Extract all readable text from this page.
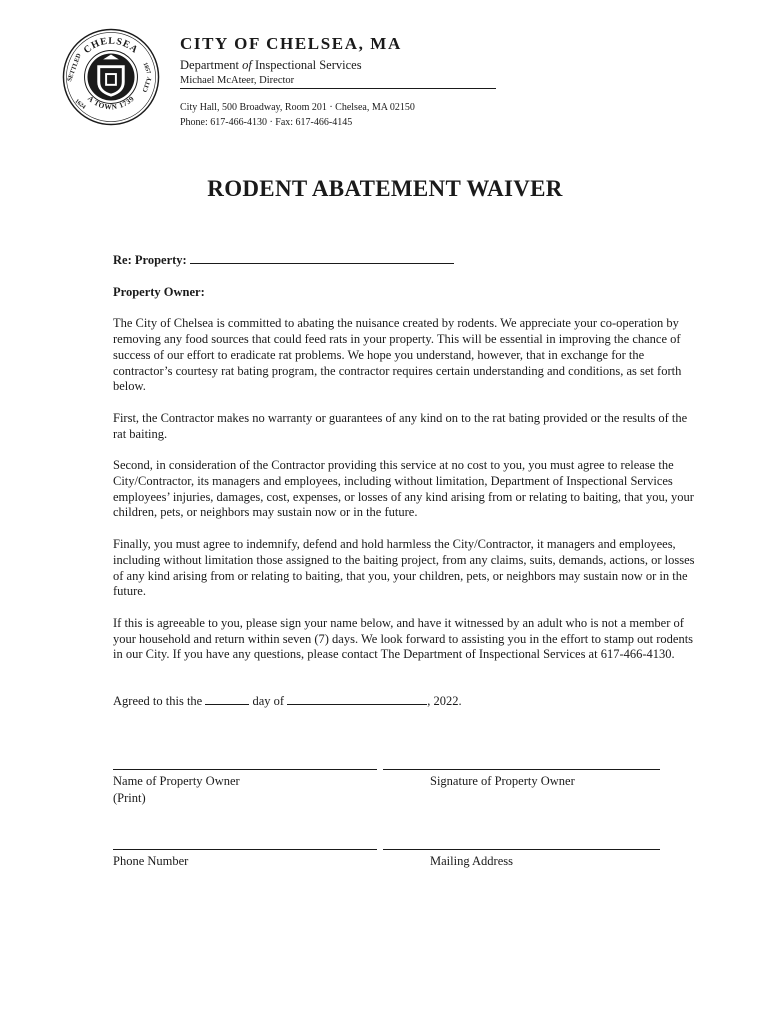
CHELSEA
A TOWN 1739
SETTLED
CITY
1624
1857
CITY OF CHELSEA, MA
Department of Inspectional Services
Michael McAteer, Director
City Hall, 500 Broadway, Room 201 · Chelsea, MA 02150
Phone: 617-466-4130 · Fax: 617-466-4145
RODENT ABATEMENT WAIVER

Re: Property:

Property Owner:

The City of Chelsea is committed to abating the nuisance created by rodents. We appreciate your co-operation by removing any food sources that could feed rats in your property. This will be essential in improving the chance of success of our effort to eradicate rat problems. We hope you understand, however, that in exchange for the contractor’s courtesy rat bating program, the contractor requires certain understanding and conditions, as set forth below.

First, the Contractor makes no warranty or guarantees of any kind on to the rat bating provided or the results of the rat baiting.

Second, in consideration of the Contractor providing this service at no cost to you, you must agree to release the City/Contractor, its managers and employees, including without limitation, Department of Inspectional Services employees’ injuries, damages, cost, expenses, or losses of any kind arising from or relating to baiting, that you, your children, pets, or neighbors may sustain now or in the future.

Finally, you must agree to indemnify, defend and hold harmless the City/Contractor, it managers and employees, including without limitation those assigned to the baiting project, from any claims, suits, demands, actions, or losses of any kind arising from or relating to baiting, that you, your children, pets, or neighbors may sustain now or in the future.

If this is agreeable to you, please sign your name below, and have it witnessed by an adult who is not a member of your household and return within seven (7) days. We look forward to assisting you in the effort to stamp out rodents in our City. If you have any questions, please contact The Department of Inspectional Services at 617-466-4130.

Agreed to this the	day of	, 2022.

Name of Property Owner
(Print)
Signature of Property Owner
Phone Number	Mailing Address
